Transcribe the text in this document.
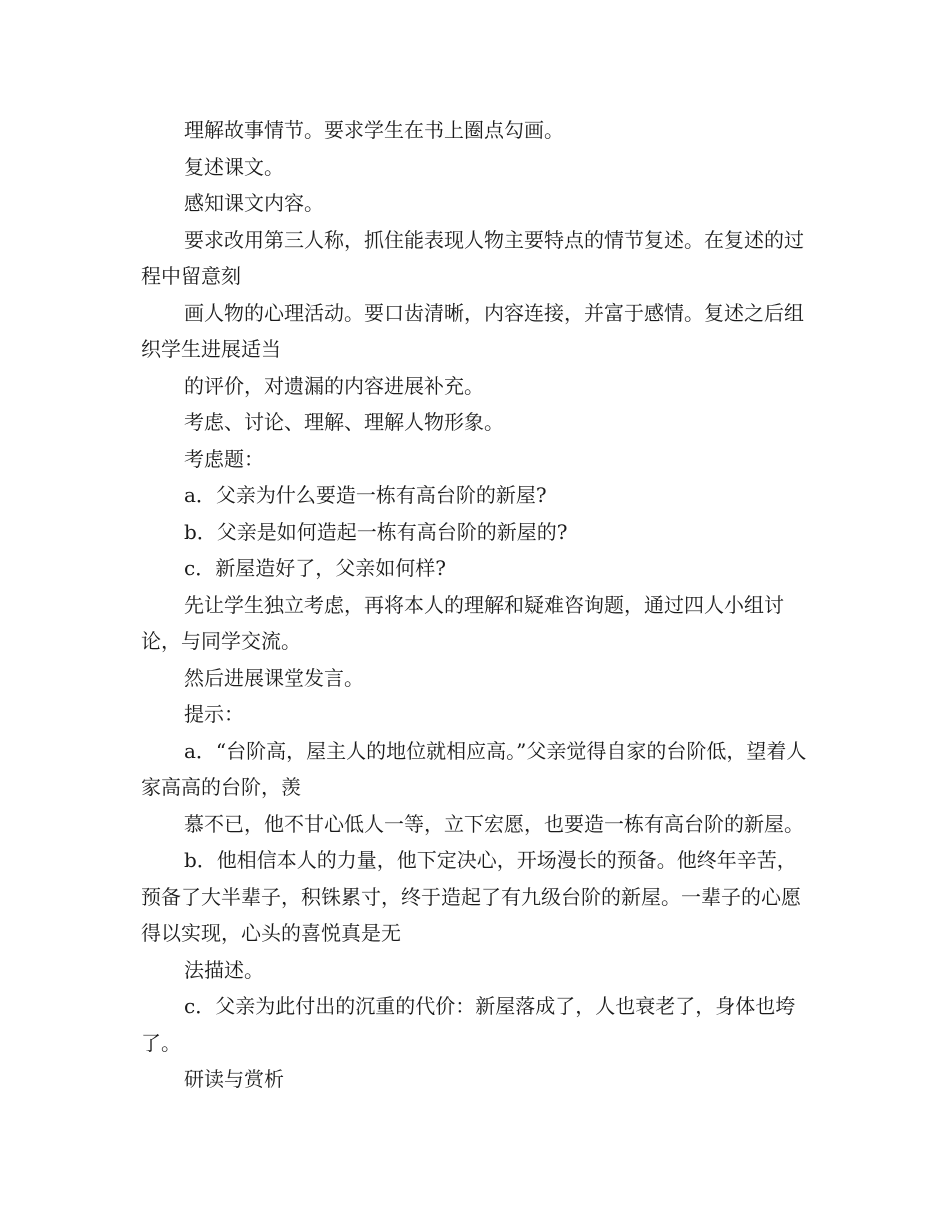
理解故事情节。要求学生在书上圈点勾画。

复述课文。

感知课文内容。

要求改用第三人称，抓住能表现人物主要特点的情节复述。在复述的过程中留意刻

画人物的心理活动。要口齿清晰，内容连接，并富于感情。复述之后组织学生进展适当

的评价，对遗漏的内容进展补充。

考虑、讨论、理解、理解人物形象。

考虑题：

a．父亲为什么要造一栋有高台阶的新屋?

b．父亲是如何造起一栋有高台阶的新屋的?

c．新屋造好了，父亲如何样?

先让学生独立考虑，再将本人的理解和疑难咨询题，通过四人小组讨论，与同学交流。

然后进展课堂发言。

提示：

a．“台阶高，屋主人的地位就相应高。”父亲觉得自家的台阶低，望着人家高高的台阶，羡

慕不已，他不甘心低人一等，立下宏愿，也要造一栋有高台阶的新屋。

b．他相信本人的力量，他下定决心，开场漫长的预备。他终年辛苦，预备了大半辈子，积铢累寸，终于造起了有九级台阶的新屋。一辈子的心愿得以实现，心头的喜悦真是无

法描述。

c．父亲为此付出的沉重的代价：新屋落成了，人也衰老了，身体也垮了。

研读与赏析
